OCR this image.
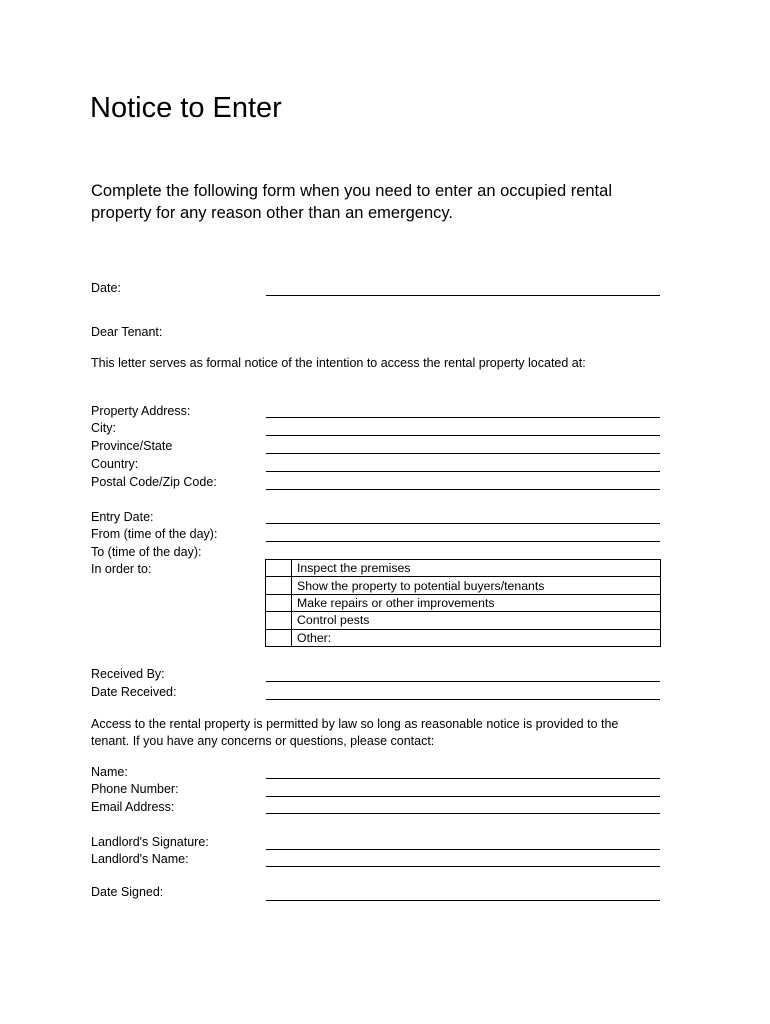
Notice to Enter
Complete the following form when you need to enter an occupied rental property for any reason other than an emergency.
Date:
Dear Tenant:
This letter serves as formal notice of the intention to access the rental property located at:
Property Address:
City:
Province/State
Country:
Postal Code/Zip Code:
Entry Date:
From (time of the day):
To (time of the day):
In order to:
		Inspect the premises
	Show the property to potential buyers/tenants
	Make repairs or other improvements
	Control pests
	Other:
Received By:
Date Received:
Access to the rental property is permitted by law so long as reasonable notice is provided to the tenant. If you have any concerns or questions, please contact:
Name:
Phone Number:
Email Address:
Landlord's Signature:
Landlord's Name:
Date Signed:
